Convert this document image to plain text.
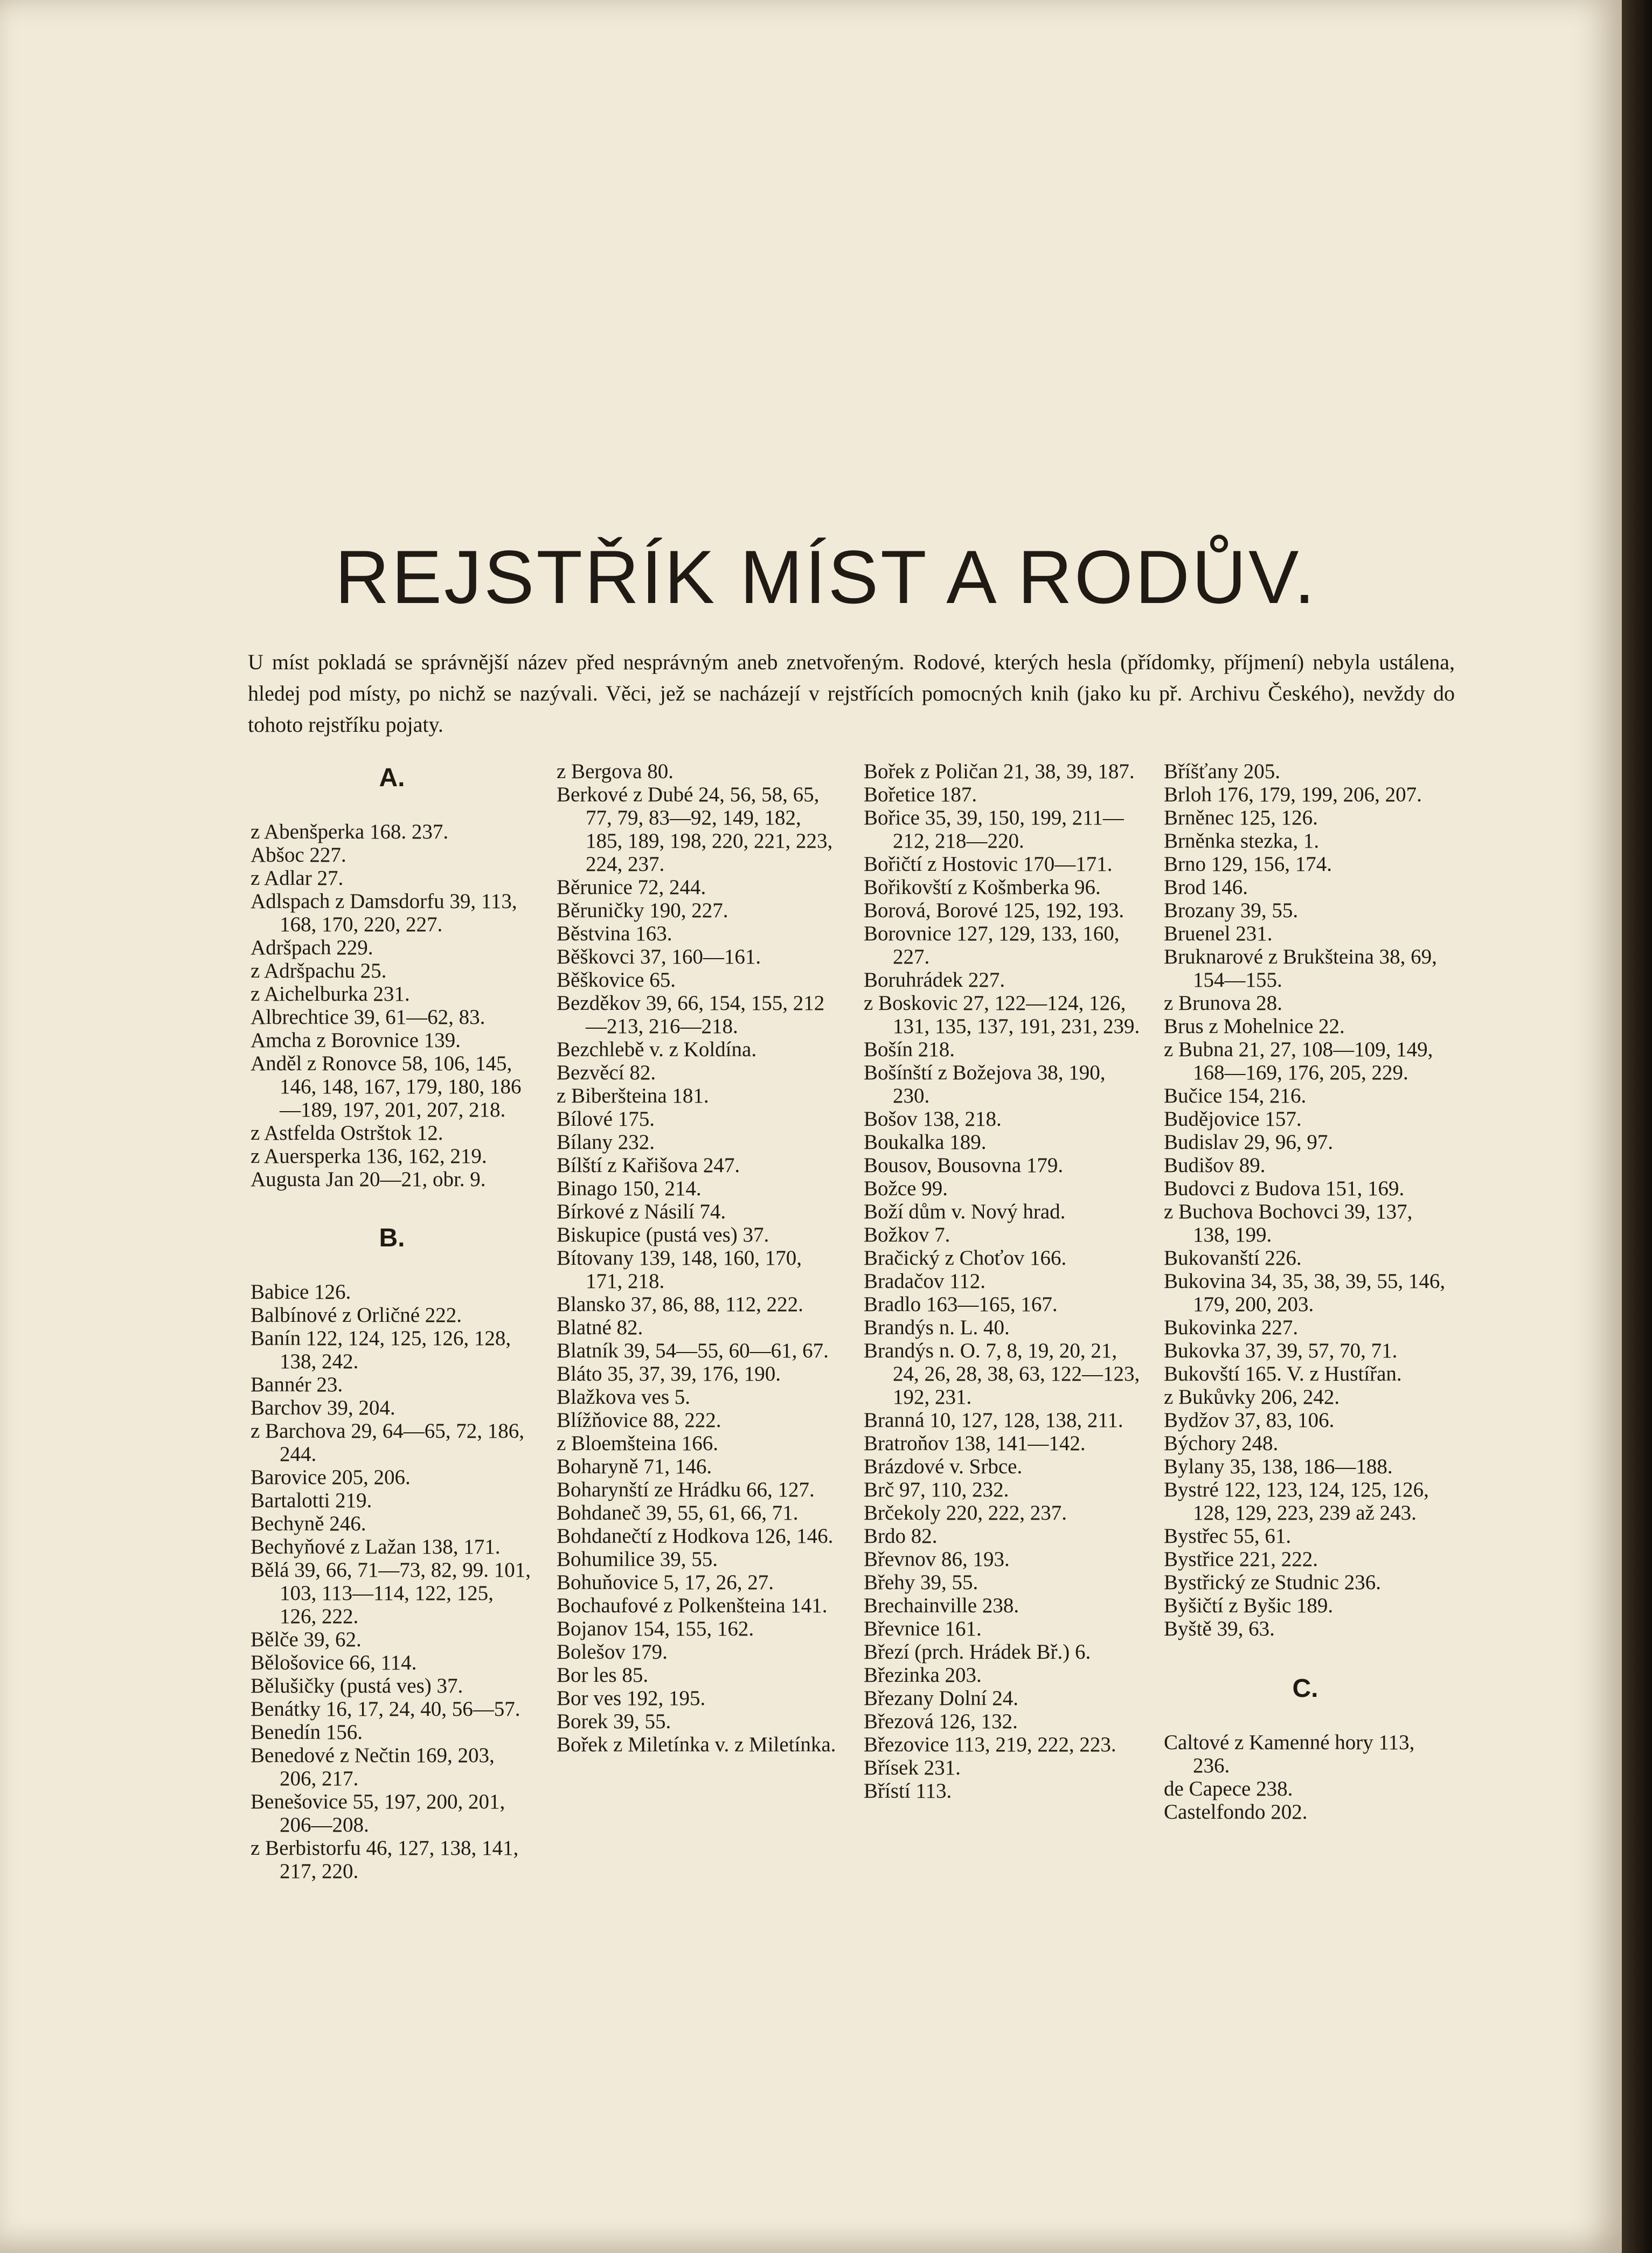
REJSTŘÍK MÍST A RODŮV.

U míst pokladá se správnější název před nesprávným aneb znetvořeným. Rodové, kterých hesla (přídomky, příjmení) nebyla ustálena, hledej pod místy, po nichž se nazývali. Věci, jež se nacházejí v rejstřících pomocných knih (jako ku př. Archivu Českého), nevždy do tohoto rejstříku pojaty.

A.
z Abenšperka 168. 237.
Abšoc 227.
z Adlar 27.
Adlspach z Damsdorfu 39, 113, 168, 170, 220, 227.
Adršpach 229.
z Adršpachu 25.
z Aichelburka 231.
Albrechtice 39, 61—62, 83.
Amcha z Borovnice 139.
Anděl z Ronovce 58, 106, 145, 146, 148, 167, 179, 180, 186—189, 197, 201, 207, 218.
z Astfelda Ostrštok 12.
z Auersperka 136, 162, 219.
Augusta Jan 20—21, obr. 9.
B.
Babice 126.
Balbínové z Orličné 222.
Banín 122, 124, 125, 126, 128, 138, 242.
Bannér 23.
Barchov 39, 204.
z Barchova 29, 64—65, 72, 186, 244.
Barovice 205, 206.
Bartalotti 219.
Bechyně 246.
Bechyňové z Lažan 138, 171.
Bělá 39, 66, 71—73, 82, 99. 101, 103, 113—114, 122, 125, 126, 222.
Bělče 39, 62.
Bělošovice 66, 114.
Bělušičky (pustá ves) 37.
Benátky 16, 17, 24, 40, 56—57.
Benedín 156.
Benedové z Nečtin 169, 203, 206, 217.
Benešovice 55, 197, 200, 201, 206—208.
z Berbistorfu 46, 127, 138, 141, 217, 220.
z Bergova 80.
Berkové z Dubé 24, 56, 58, 65, 77, 79, 83—92, 149, 182, 185, 189, 198, 220, 221, 223, 224, 237.
Běrunice 72, 244.
Běruničky 190, 227.
Běstvina 163.
Běškovci 37, 160—161.
Běškovice 65.
Bezděkov 39, 66, 154, 155, 212—213, 216—218.
Bezchlebě v. z Koldína.
Bezvěcí 82.
z Biberšteina 181.
Bílové 175.
Bílany 232.
Bílští z Kařišova 247.
Binago 150, 214.
Bírkové z Násilí 74.
Biskupice (pustá ves) 37.
Bítovany 139, 148, 160, 170, 171, 218.
Blansko 37, 86, 88, 112, 222.
Blatné 82.
Blatník 39, 54—55, 60—61, 67.
Bláto 35, 37, 39, 176, 190.
Blažkova ves 5.
Blížňovice 88, 222.
z Bloemšteina 166.
Boharyně 71, 146.
Boharynští ze Hrádku 66, 127.
Bohdaneč 39, 55, 61, 66, 71.
Bohdanečtí z Hodkova 126, 146.
Bohumilice 39, 55.
Bohuňovice 5, 17, 26, 27.
Bochaufové z Polkenšteina 141.
Bojanov 154, 155, 162.
Bolešov 179.
Bor les 85.
Bor ves 192, 195.
Borek 39, 55.
Bořek z Miletínka v. z Miletínka.
Bořek z Poličan 21, 38, 39, 187.
Bořetice 187.
Bořice 35, 39, 150, 199, 211—212, 218—220.
Bořičtí z Hostovic 170—171.
Bořikovští z Košmberka 96.
Borová, Borové 125, 192, 193.
Borovnice 127, 129, 133, 160, 227.
Boruhrádek 227.
z Boskovic 27, 122—124, 126, 131, 135, 137, 191, 231, 239.
Bošín 218.
Bošínští z Božejova 38, 190, 230.
Bošov 138, 218.
Boukalka 189.
Bousov, Bousovna 179.
Božce 99.
Boží dům v. Nový hrad.
Božkov 7.
Bračický z Choťov 166.
Bradačov 112.
Bradlo 163—165, 167.
Brandýs n. L. 40.
Brandýs n. O. 7, 8, 19, 20, 21, 24, 26, 28, 38, 63, 122—123, 192, 231.
Branná 10, 127, 128, 138, 211.
Bratroňov 138, 141—142.
Brázdové v. Srbce.
Brč 97, 110, 232.
Brčekoly 220, 222, 237.
Brdo 82.
Břevnov 86, 193.
Břehy 39, 55.
Brechainville 238.
Břevnice 161.
Březí (prch. Hrádek Bř.) 6.
Březinka 203.
Březany Dolní 24.
Březová 126, 132.
Březovice 113, 219, 222, 223.
Břísek 231.
Břístí 113.
Bříšťany 205.
Brloh 176, 179, 199, 206, 207.
Brněnec 125, 126.
Brněnka stezka, 1.
Brno 129, 156, 174.
Brod 146.
Brozany 39, 55.
Bruenel 231.
Bruknarové z Brukšteina 38, 69, 154—155.
z Brunova 28.
Brus z Mohelnice 22.
z Bubna 21, 27, 108—109, 149, 168—169, 176, 205, 229.
Bučice 154, 216.
Budějovice 157.
Budislav 29, 96, 97.
Budišov 89.
Budovci z Budova 151, 169.
z Buchova Bochovci 39, 137, 138, 199.
Bukovanští 226.
Bukovina 34, 35, 38, 39, 55, 146, 179, 200, 203.
Bukovinka 227.
Bukovka 37, 39, 57, 70, 71.
Bukovští 165. V. z Hustířan.
z Bukůvky 206, 242.
Bydžov 37, 83, 106.
Býchory 248.
Bylany 35, 138, 186—188.
Bystré 122, 123, 124, 125, 126, 128, 129, 223, 239 až 243.
Bystřec 55, 61.
Bystřice 221, 222.
Bystřický ze Studnic 236.
Byšičtí z Byšic 189.
Byště 39, 63.
C.
Caltové z Kamenné hory 113, 236.
de Capece 238.
Castelfondo 202.
